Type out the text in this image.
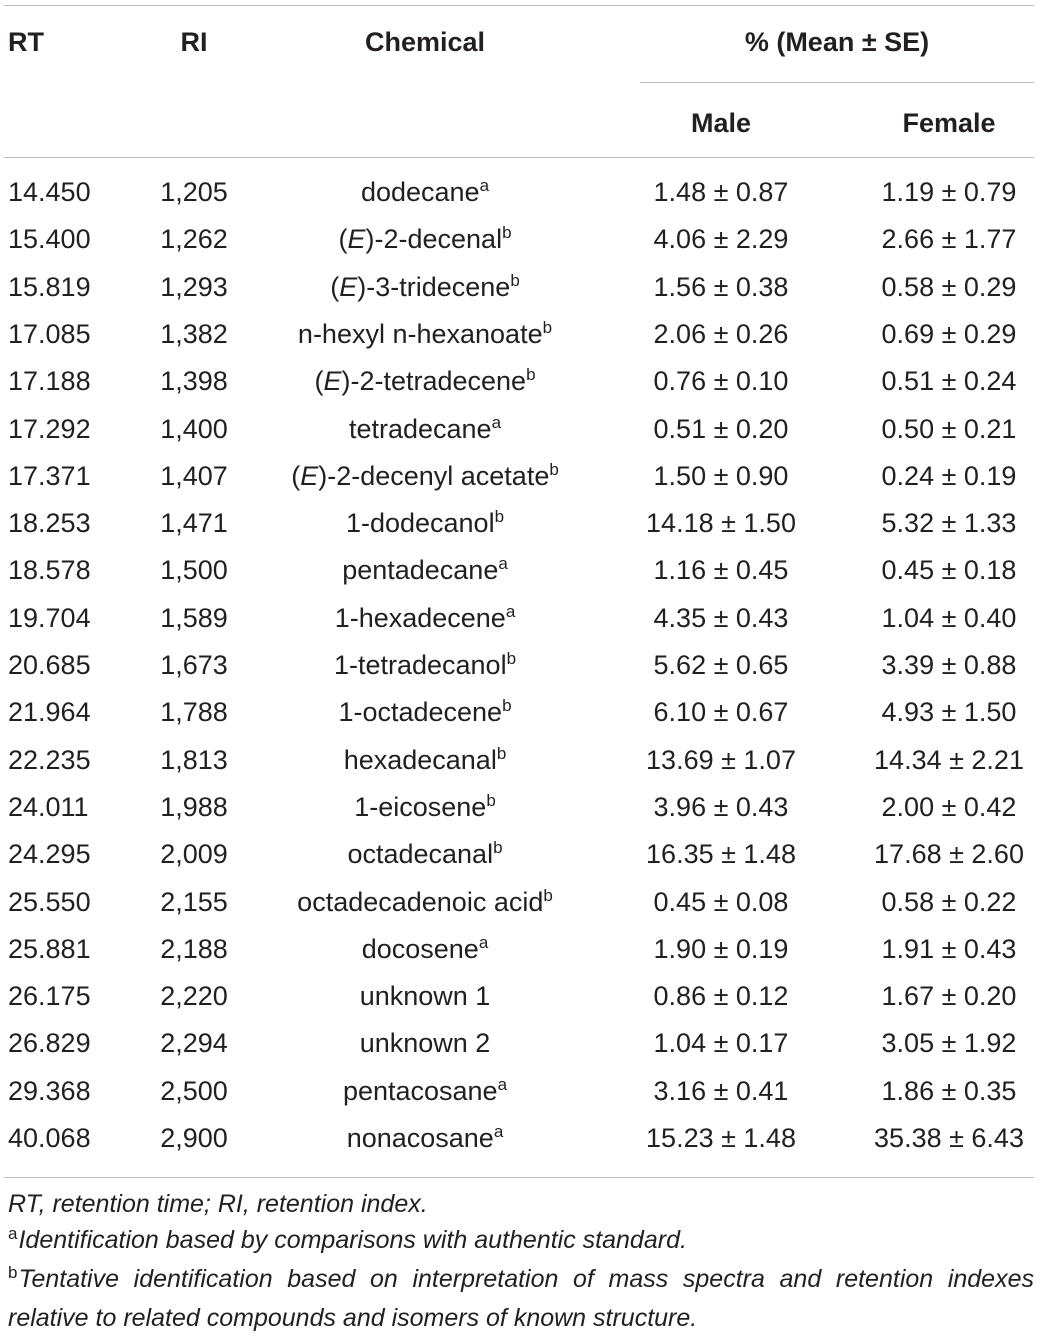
RT	RI	Chemical	% (Mean ± SE)
Male	Female
14.450	1,205	dodecane$^a$	1.48 ± 0.87	1.19 ± 0.79
15.400	1,262	(E)-2-decenal$^b$	4.06 ± 2.29	2.66 ± 1.77
15.819	1,293	(E)-3-tridecene$^b$	1.56 ± 0.38	0.58 ± 0.29
17.085	1,382	n-hexyl n-hexanoate$^b$	2.06 ± 0.26	0.69 ± 0.29
17.188	1,398	(E)-2-tetradecene$^b$	0.76 ± 0.10	0.51 ± 0.24
17.292	1,400	tetradecane$^a$	0.51 ± 0.20	0.50 ± 0.21
17.371	1,407	(E)-2-decenyl acetate$^b$	1.50 ± 0.90	0.24 ± 0.19
18.253	1,471	1-dodecanol$^b$	14.18 ± 1.50	5.32 ± 1.33
18.578	1,500	pentadecane$^a$	1.16 ± 0.45	0.45 ± 0.18
19.704	1,589	1-hexadecene$^a$	4.35 ± 0.43	1.04 ± 0.40
20.685	1,673	1-tetradecanol$^b$	5.62 ± 0.65	3.39 ± 0.88
21.964	1,788	1-octadecene$^b$	6.10 ± 0.67	4.93 ± 1.50
22.235	1,813	hexadecanal$^b$	13.69 ± 1.07	14.34 ± 2.21
24.011	1,988	1-eicosene$^b$	3.96 ± 0.43	2.00 ± 0.42
24.295	2,009	octadecanal$^b$	16.35 ± 1.48	17.68 ± 2.60
25.550	2,155	octadecadenoic acid$^b$	0.45 ± 0.08	0.58 ± 0.22
25.881	2,188	docosene$^a$	1.90 ± 0.19	1.91 ± 0.43
26.175	2,220	unknown 1	0.86 ± 0.12	1.67 ± 0.20
26.829	2,294	unknown 2	1.04 ± 0.17	3.05 ± 1.92
29.368	2,500	pentacosane$^a$	3.16 ± 0.41	1.86 ± 0.35
40.068	2,900	nonacosane$^a$	15.23 ± 1.48	35.38 ± 6.43
RT, retention time; RI, retention index.
$^a$Identification based by comparisons with authentic standard.
$^b$Tentative identification based on interpretation of mass spectra and retention indexes relative to related compounds and isomers of known structure.
